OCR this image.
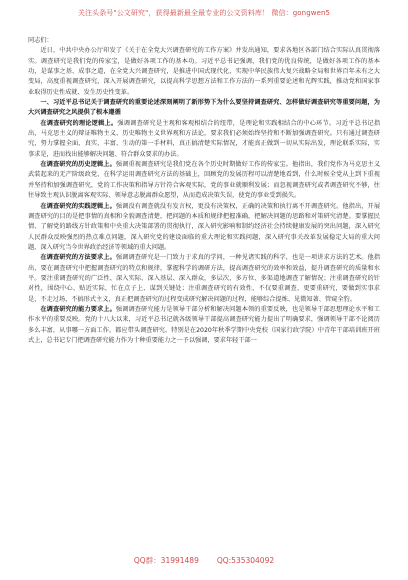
关注头条号"公文研究"，获得最新最全最专业的公文资料库！ 微信：gongwen5

同志们：

近日，中共中央办公厅印发了《关于在全党大兴调查研究的工作方案》并发出通知，要求各地区各部门结合实际认真贯彻落实。调查研究是我们党的传家宝，是做好各项工作的基本功。习近平总书记强调，我们党的优良传统，是做好各项工作的基本功，是谋事之基、成事之道，在全党大兴调查研究，是推进中国式现代化、实现中华民族伟大复兴战略全局和世界百年未有之大变局，高度重视调查研究，深入开展调查研究，以提高科学思想方法和工作方法的一系列重要论述和光辉实践，推动党和国家事业取得历史性成就、发生历史性变革。

一、习近平总书记关于调查研究的重要论述深刻阐明了新形势下为什么要坚持调查研究、怎样做好调查研究等重要问题，为大兴调查研究之风提供了根本遵循

在调查研究的理论逻辑上。强调调查研究是主观和客观相结合的纽带，是理论和实践相结合的中心环节。习近平总书记指出，马克思主义的辩证唯物主义、历史唯物主义世界观和方法论，要求我们必须始终坚持和不断加强调查研究。只有通过调查研究，努力掌握全面、真实、丰富、生动的第一手材料，真正搞清楚实际情况，才能真正做到一切从实际出发，理论联系实际，实事求是，进而找出能够解决问题、符合群众要求的办法。

在调查研究的历史逻辑上。强调重视调查研究是我们党在各个历史时期做好工作的传家宝。他指出，我们党作为马克思主义武装起来的无产阶级政党，在科学运用调查研究方法的基础上，回顾党的发展历程可以清楚地看到，什么时候全党从上到下重视并坚持和加强调查研究，党的工作决策和指导方针符合客观实际，党的事业就顺利发展；而忽视调查研究或者调查研究不够，往往导致主观认识脱离客观实际、领导意志脱离群众愿望，从而造成决策失误，使党的事业受到损失。

在调查研究的实践逻辑上。强调没有调查就没有发言权，更没有决策权，正确的决策和执行离不开调查研究。他指出，开展调查研究的目的是把事情的真相和全貌调查清楚，把问题的本质和规律把握准确，把解决问题的思路和对策研究清楚。要掌握民情、了解党的路线方针政策和中央重大决策部署的贯彻执行，深入研究影响和制约经济社会持续健康发展的突出问题，深入研究人民群众反映强烈的热点难点问题，深入研究党的建设面临的重大理论和实践问题，深入研究事关改革发展稳定大局的重大问题，深入研究当今世界政治经济等领域的重大问题。

在调查研究的方法要求上。强调调查研究是一门致力于求真的学问，一种见诸实践的科学，也是一项讲求方法的艺术。他指出，要在调查研究中把握调查研究的特点和规律，掌握科学的调研方法，提高调查研究的效率和效益，提升调查研究的质量和水平。要注重调查研究的广泛性、深入实际、深入基层、深入群众，多层次、多方位、多渠道地调查了解情况；注重调查研究的针对性，围绕中心、贴近实际，忙在点子上、谋到关键处；注重调查研究的有效性，不仅要重调查，更要重研究，要做到实事求是，不走过场，不搞形式主义，真正把调查研究的过程变成研究解决问题的过程，能够综合提炼、见微知著、管窥全豹。

在调查研究的能力要求上。强调调查研究能力是领导干部分析和解决问题本领的重要反映，也是领导干部思想理论水平和工作水平的重要反映。党的十八大以来，习近平总书记就各级领导干部提高调查研究能力提出了明确要求，强调领导干部不论阅历多么丰富，从事哪一方面工作，都应带头调查研究。特别是在2020年秋季学期中央党校（国家行政学院）中青年干部培训班开班式上，总书记专门把调查研究能力作为十种重要能力之一予以强调，要求年轻干部一

QQ群：31991489 QQ:535304092
